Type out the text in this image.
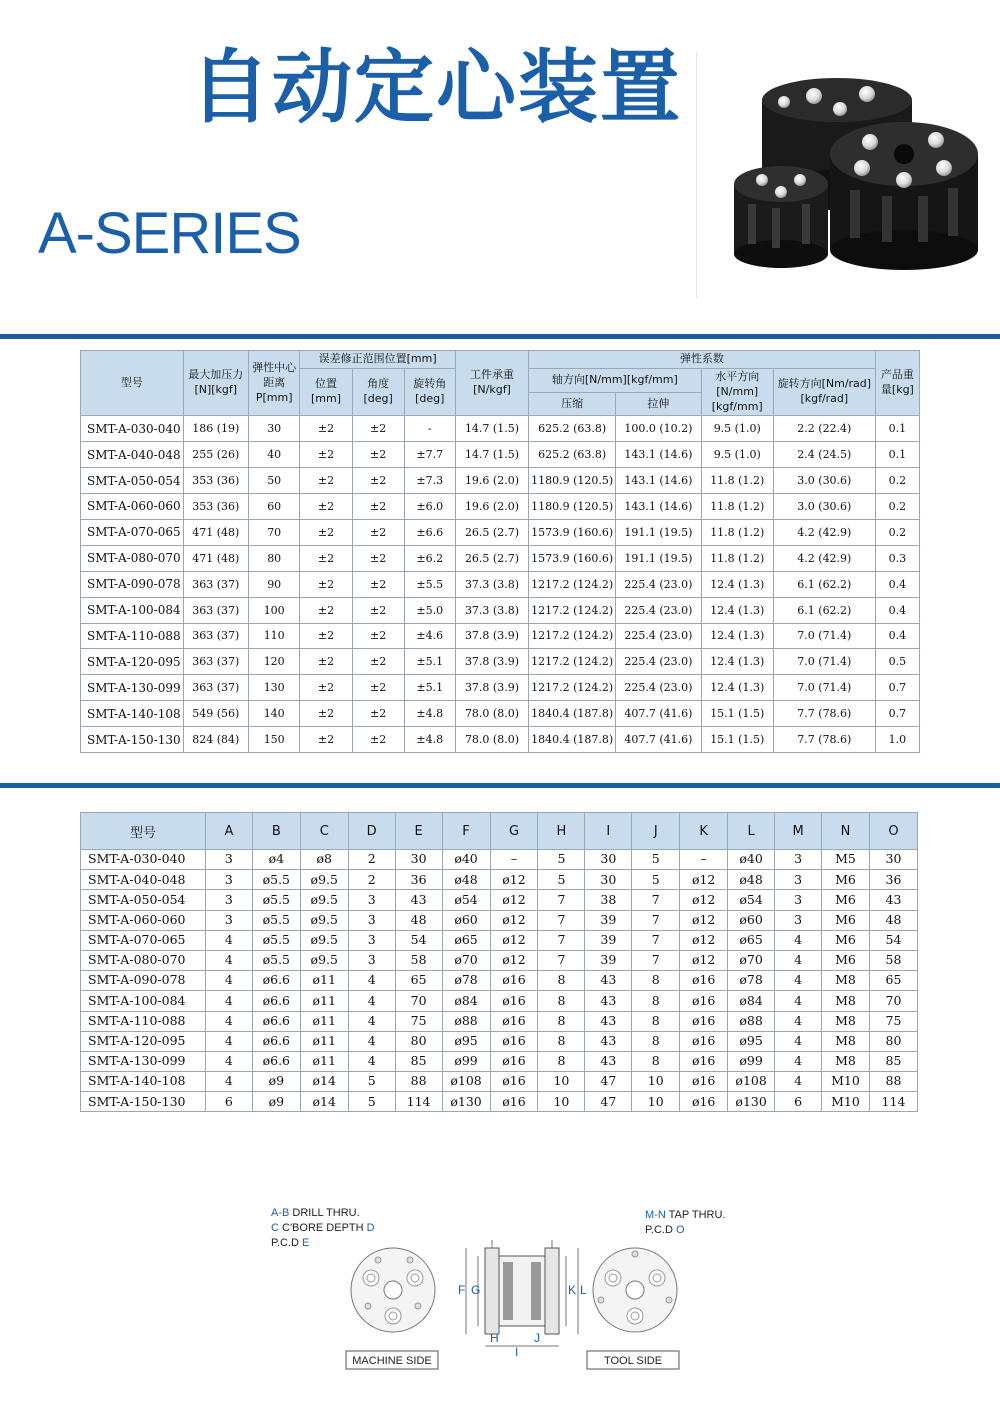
自动定心装置
A-SERIES
型号	最大加压力[N][kgf]	弹性中心距离P[mm]	误差修正范围位置[mm]			工件承重[N/kgf]	弹性系数				产品重量[kg]
			位置[mm]	角度[deg]	旋转角[deg]		轴方向[N/mm][kgf/mm]		水平方向[N/mm][kgf/mm]	旋转方向[Nm/rad][kgf/rad]	
							压缩	拉伸			
SMT-A-030-040	186 (19)	30	±2	±2	-	14.7 (1.5)	625.2 (63.8)	100.0 (10.2)	9.5 (1.0)	2.2 (22.4)	0.1
SMT-A-040-048	255 (26)	40	±2	±2	±7.7	14.7 (1.5)	625.2 (63.8)	143.1 (14.6)	9.5 (1.0)	2.4 (24.5)	0.1
SMT-A-050-054	353 (36)	50	±2	±2	±7.3	19.6 (2.0)	1180.9 (120.5)	143.1 (14.6)	11.8 (1.2)	3.0 (30.6)	0.2
SMT-A-060-060	353 (36)	60	±2	±2	±6.0	19.6 (2.0)	1180.9 (120.5)	143.1 (14.6)	11.8 (1.2)	3.0 (30.6)	0.2
SMT-A-070-065	471 (48)	70	±2	±2	±6.6	26.5 (2.7)	1573.9 (160.6)	191.1 (19.5)	11.8 (1.2)	4.2 (42.9)	0.2
SMT-A-080-070	471 (48)	80	±2	±2	±6.2	26.5 (2.7)	1573.9 (160.6)	191.1 (19.5)	11.8 (1.2)	4.2 (42.9)	0.3
SMT-A-090-078	363 (37)	90	±2	±2	±5.5	37.3 (3.8)	1217.2 (124.2)	225.4 (23.0)	12.4 (1.3)	6.1 (62.2)	0.4
SMT-A-100-084	363 (37)	100	±2	±2	±5.0	37.3 (3.8)	1217.2 (124.2)	225.4 (23.0)	12.4 (1.3)	6.1 (62.2)	0.4
SMT-A-110-088	363 (37)	110	±2	±2	±4.6	37.8 (3.9)	1217.2 (124.2)	225.4 (23.0)	12.4 (1.3)	7.0 (71.4)	0.4
SMT-A-120-095	363 (37)	120	±2	±2	±5.1	37.8 (3.9)	1217.2 (124.2)	225.4 (23.0)	12.4 (1.3)	7.0 (71.4)	0.5
SMT-A-130-099	363 (37)	130	±2	±2	±5.1	37.8 (3.9)	1217.2 (124.2)	225.4 (23.0)	12.4 (1.3)	7.0 (71.4)	0.7
SMT-A-140-108	549 (56)	140	±2	±2	±4.8	78.0 (8.0)	1840.4 (187.8)	407.7 (41.6)	15.1 (1.5)	7.7 (78.6)	0.7
SMT-A-150-130	824 (84)	150	±2	±2	±4.8	78.0 (8.0)	1840.4 (187.8)	407.7 (41.6)	15.1 (1.5)	7.7 (78.6)	1.0
型号	A	B	C	D	E	F	G	H	I	J	K	L	M	N	O
SMT-A-030-040	3	ø4	ø8	2	30	ø40	–	5	30	5	–	ø40	3	M5	30
SMT-A-040-048	3	ø5.5	ø9.5	2	36	ø48	ø12	5	30	5	ø12	ø48	3	M6	36
SMT-A-050-054	3	ø5.5	ø9.5	3	43	ø54	ø12	7	38	7	ø12	ø54	3	M6	43
SMT-A-060-060	3	ø5.5	ø9.5	3	48	ø60	ø12	7	39	7	ø12	ø60	3	M6	48
SMT-A-070-065	4	ø5.5	ø9.5	3	54	ø65	ø12	7	39	7	ø12	ø65	4	M6	54
SMT-A-080-070	4	ø5.5	ø9.5	3	58	ø70	ø12	7	39	7	ø12	ø70	4	M6	58
SMT-A-090-078	4	ø6.6	ø11	4	65	ø78	ø16	8	43	8	ø16	ø78	4	M8	65
SMT-A-100-084	4	ø6.6	ø11	4	70	ø84	ø16	8	43	8	ø16	ø84	4	M8	70
SMT-A-110-088	4	ø6.6	ø11	4	75	ø88	ø16	8	43	8	ø16	ø88	4	M8	75
SMT-A-120-095	4	ø6.6	ø11	4	80	ø95	ø16	8	43	8	ø16	ø95	4	M8	80
SMT-A-130-099	4	ø6.6	ø11	4	85	ø99	ø16	8	43	8	ø16	ø99	4	M8	85
SMT-A-140-108	4	ø9	ø14	5	88	ø108	ø16	10	47	10	ø16	ø108	4	M10	88
SMT-A-150-130	6	ø9	ø14	5	114	ø130	ø16	10	47	10	ø16	ø130	6	M10	114
A-B DRILL THRU.
C C'BORE DEPTH D
P.C.D E
F G	K L
H
I
J
M-N TAP THRU.
P.C.D O
MACHINE SIDE	TOOL SIDE
